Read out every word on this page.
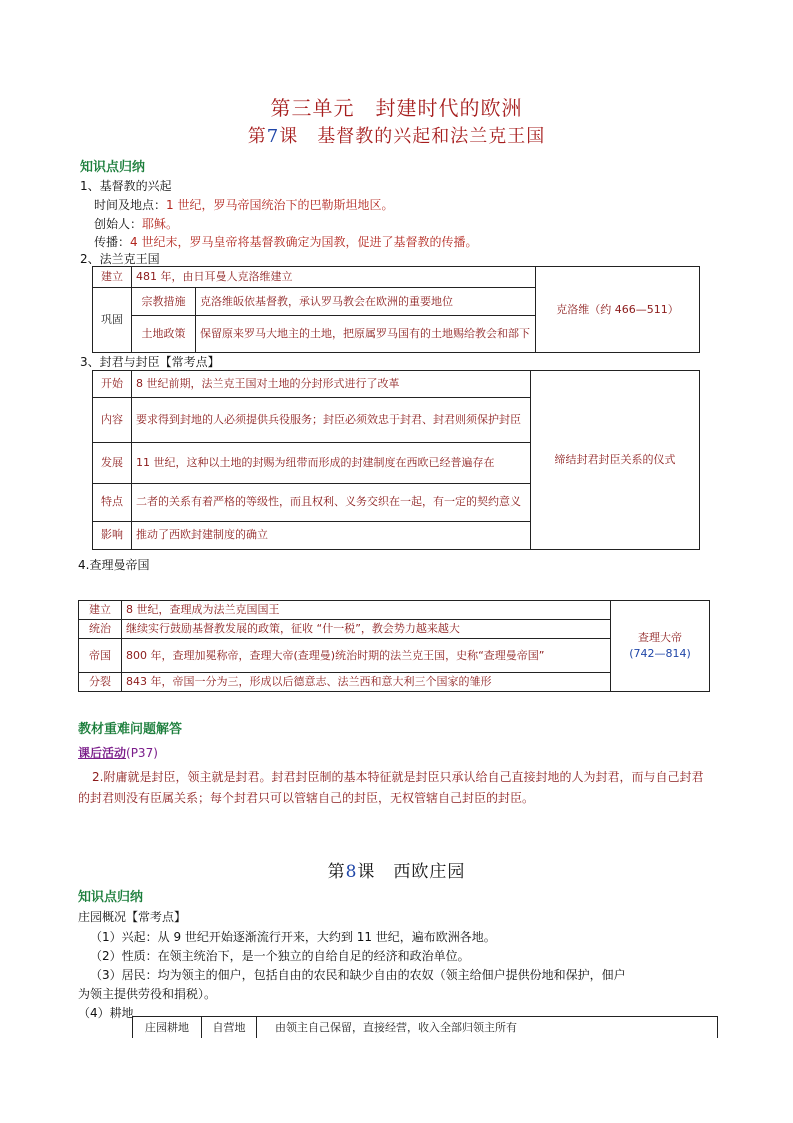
第三单元　封建时代的欧洲
第7课　基督教的兴起和法兰克王国
知识点归纳
1、基督教的兴起
时间及地点：1 世纪，罗马帝国统治下的巴勒斯坦地区。
创始人：耶稣。
传播：4 世纪末，罗马皇帝将基督教确定为国教，促进了基督教的传播。
2、法兰克王国
建立	481 年，由日耳曼人克洛维建立		克洛维（约 466—511）
巩固	宗教措施	克洛维皈依基督教，承认罗马教会在欧洲的重要地位	
	土地政策	保留原来罗马大地主的土地，把原属罗马国有的土地赐给教会和部下	
3、封君与封臣【常考点】
开始	8 世纪前期，法兰克王国对土地的分封形式进行了改革	缔结封君封臣关系的仪式
内容	要求得到封地的人必须提供兵役服务；封臣必须效忠于封君、封君则须保护封臣	
发展	11 世纪，这种以土地的封赐为纽带而形成的封建制度在西欧已经普遍存在	
特点	二者的关系有着严格的等级性，而且权利、义务交织在一起，有一定的契约意义	
影响	推动了西欧封建制度的确立	
4.查理曼帝国
建立	8 世纪，查理成为法兰克国国王	查理大帝
(742—814)

统治	继续实行鼓励基督教发展的政策，征收 “什一税”，教会势力越来越大	
帝国	800 年，查理加冕称帝，查理大帝(查理曼)统治时期的法兰克王国，史称“查理曼帝国”	
分裂	843 年，帝国一分为三，形成以后德意志、法兰西和意大利三个国家的雏形	
教材重难问题解答
课后活动(P37)
2.附庸就是封臣，领主就是封君。封君封臣制的基本特征就是封臣只承认给自己直接封地的人为封君，而与自己封君的封君则没有臣属关系；每个封君只可以管辖自己的封臣，无权管辖自己封臣的封臣。
第8课　西欧庄园
知识点归纳
庄园概况【常考点】
（1）兴起：从 9 世纪开始逐渐流行开来，大约到 11 世纪，遍布欧洲各地。
（2）性质：在领主统治下，是一个独立的自给自足的经济和政治单位。
（3）居民：均为领主的佃户，包括自由的农民和缺少自由的农奴（领主给佃户提供份地和保护，佃户
为领主提供劳役和捐税）。
（4）耕地
庄园耕地	自营地	由领主自己保留，直接经营，收入全部归领主所有
